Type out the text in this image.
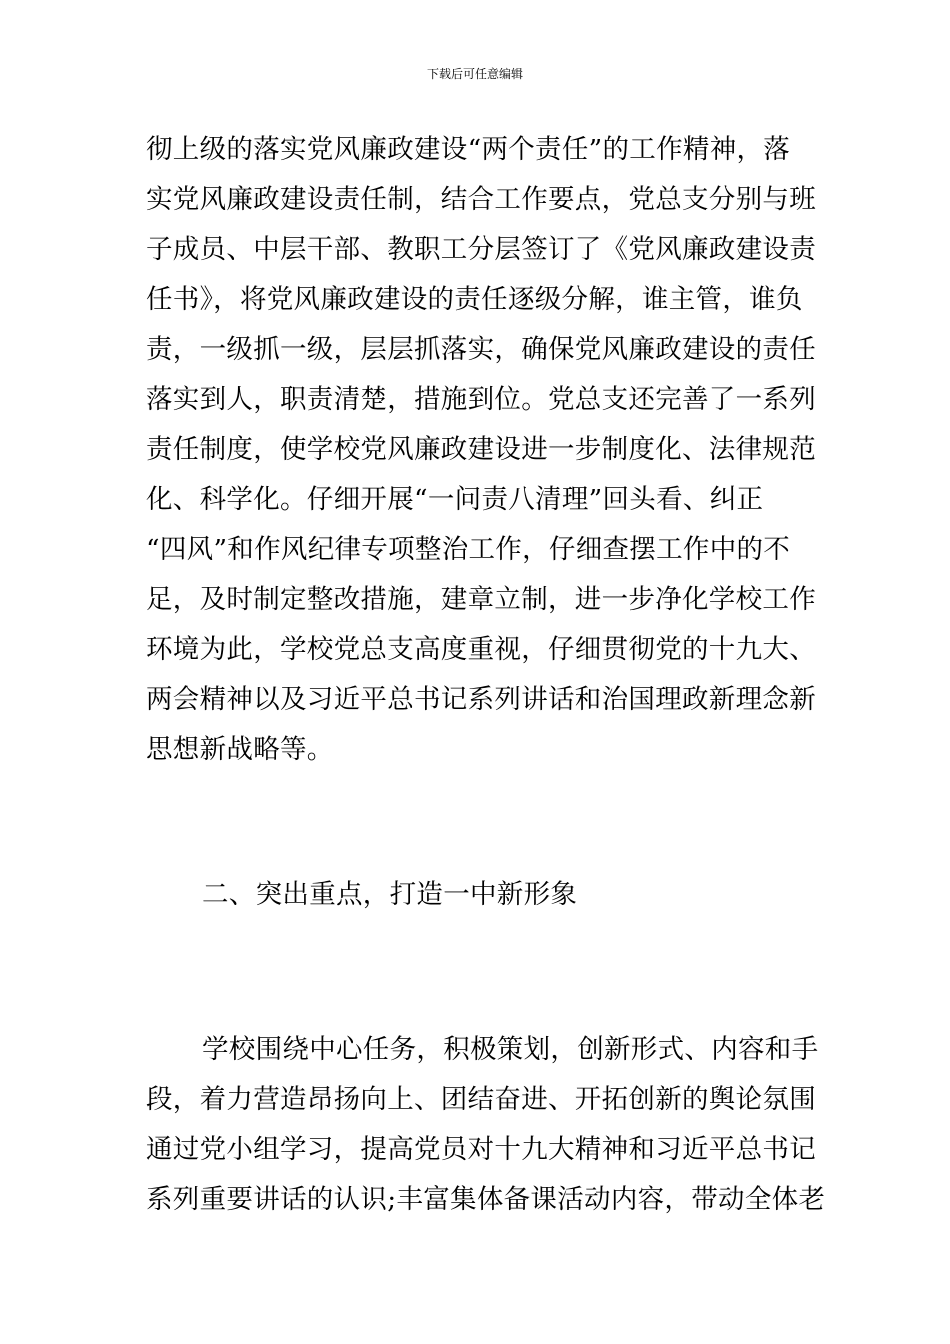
下载后可任意编辑
彻上级的落实党风廉政建设“两个责任”的工作精神，落
实党风廉政建设责任制，结合工作要点，党总支分别与班
子成员、中层干部、教职工分层签订了《党风廉政建设责
任书》，将党风廉政建设的责任逐级分解，谁主管，谁负
责，一级抓一级，层层抓落实，确保党风廉政建设的责任
落实到人，职责清楚，措施到位。党总支还完善了一系列
责任制度，使学校党风廉政建设进一步制度化、法律规范
化、科学化。仔细开展“一问责八清理”回头看、纠正
“四风”和作风纪律专项整治工作，仔细查摆工作中的不
足，及时制定整改措施，建章立制，进一步净化学校工作
环境为此，学校党总支高度重视，仔细贯彻党的十九大、
两会精神以及习近平总书记系列讲话和治国理政新理念新
思想新战略等。
二、突出重点，打造一中新形象
学校围绕中心任务，积极策划，创新形式、内容和手
段，着力营造昂扬向上、团结奋进、开拓创新的舆论氛围
通过党小组学习，提高党员对十九大精神和习近平总书记
系列重要讲话的认识;丰富集体备课活动内容，带动全体老
